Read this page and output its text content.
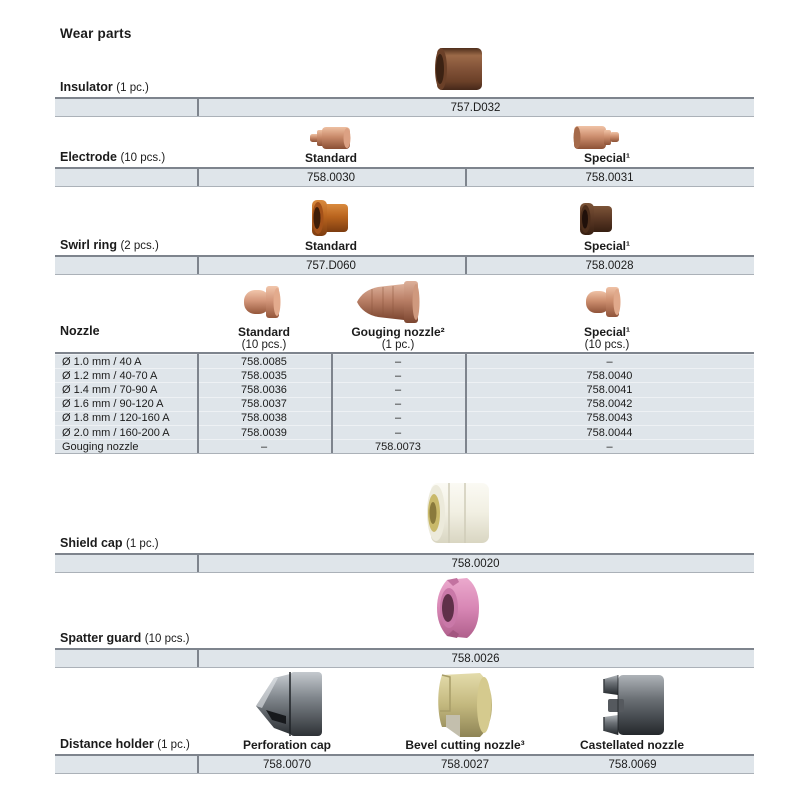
Wear parts
Insulator (1 pc.)
757.D032
Electrode (10 pcs.)	Standard	Special¹
758.0030	758.0031
Swirl ring (2 pcs.)	Standard	Special¹
757.D060	758.0028
Nozzle	Standard
(10 pcs.)
Gouging nozzle²
(1 pc.)
Special¹
(10 pcs.)
Ø 1.0 mm / 40 A	758.0085	–	–
Ø 1.2 mm / 40-70 A	758.0035	–	758.0040
Ø 1.4 mm / 70-90 A	758.0036	–	758.0041
Ø 1.6 mm / 90-120 A	758.0037	–	758.0042
Ø 1.8 mm / 120-160 A	758.0038	–	758.0043
Ø 2.0 mm / 160-200 A	758.0039	–	758.0044
Gouging nozzle	–	758.0073	–
Shield cap (1 pc.)
758.0020
Spatter guard (10 pcs.)
758.0026
Distance holder (1 pc.)	Perforation cap	Bevel cutting nozzle³	Castellated nozzle
758.0070	758.0027	758.0069
